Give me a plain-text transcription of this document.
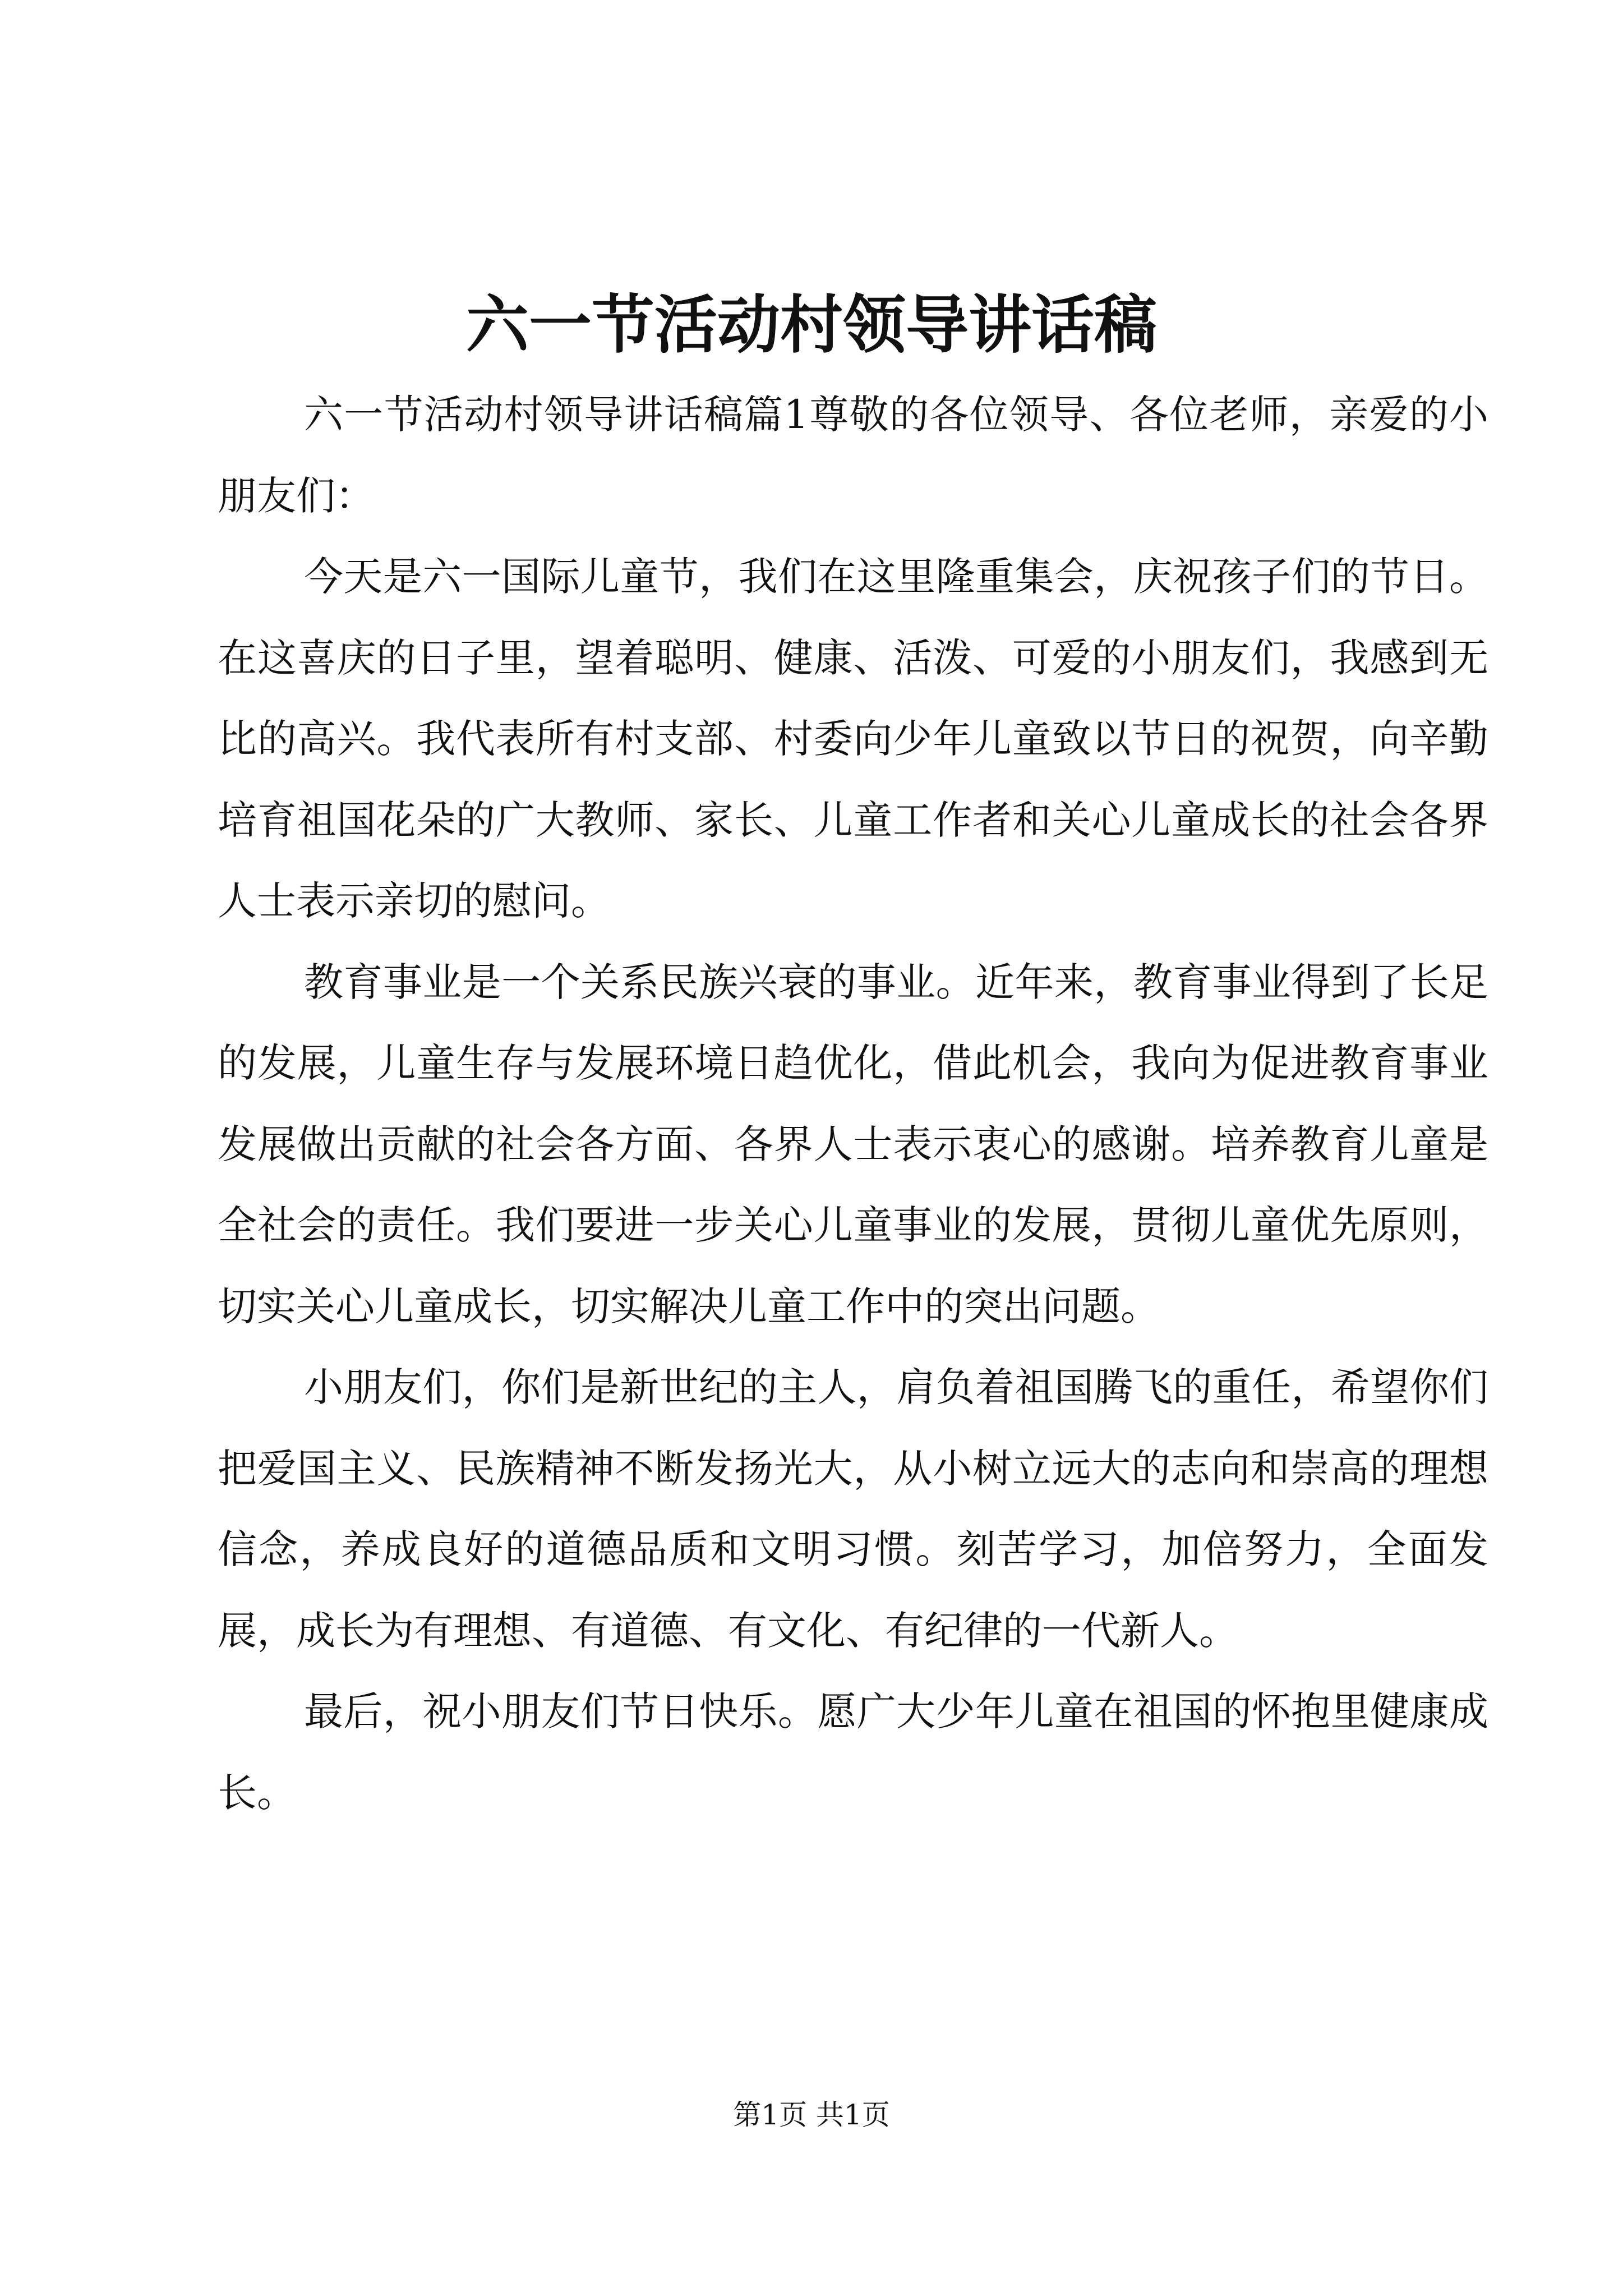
六一节活动村领导讲话稿

六一节活动村领导讲话稿篇1尊敬的各位领导、各位老师，亲爱的小朋友们：

今天是六一国际儿童节，我们在这里隆重集会，庆祝孩子们的节日。在这喜庆的日子里，望着聪明、健康、活泼、可爱的小朋友们，我感到无比的高兴。我代表所有村支部、村委向少年儿童致以节日的祝贺，向辛勤培育祖国花朵的广大教师、家长、儿童工作者和关心儿童成长的社会各界人士表示亲切的慰问。

教育事业是一个关系民族兴衰的事业。近年来，教育事业得到了长足的发展，儿童生存与发展环境日趋优化，借此机会，我向为促进教育事业发展做出贡献的社会各方面、各界人士表示衷心的感谢。培养教育儿童是全社会的责任。我们要进一步关心儿童事业的发展，贯彻儿童优先原则，切实关心儿童成长，切实解决儿童工作中的突出问题。

小朋友们，你们是新世纪的主人，肩负着祖国腾飞的重任，希望你们把爱国主义、民族精神不断发扬光大，从小树立远大的志向和崇高的理想信念，养成良好的道德品质和文明习惯。刻苦学习，加倍努力，全面发展，成长为有理想、有道德、有文化、有纪律的一代新人。

最后，祝小朋友们节日快乐。愿广大少年儿童在祖国的怀抱里健康成长。

第1页 共1页
